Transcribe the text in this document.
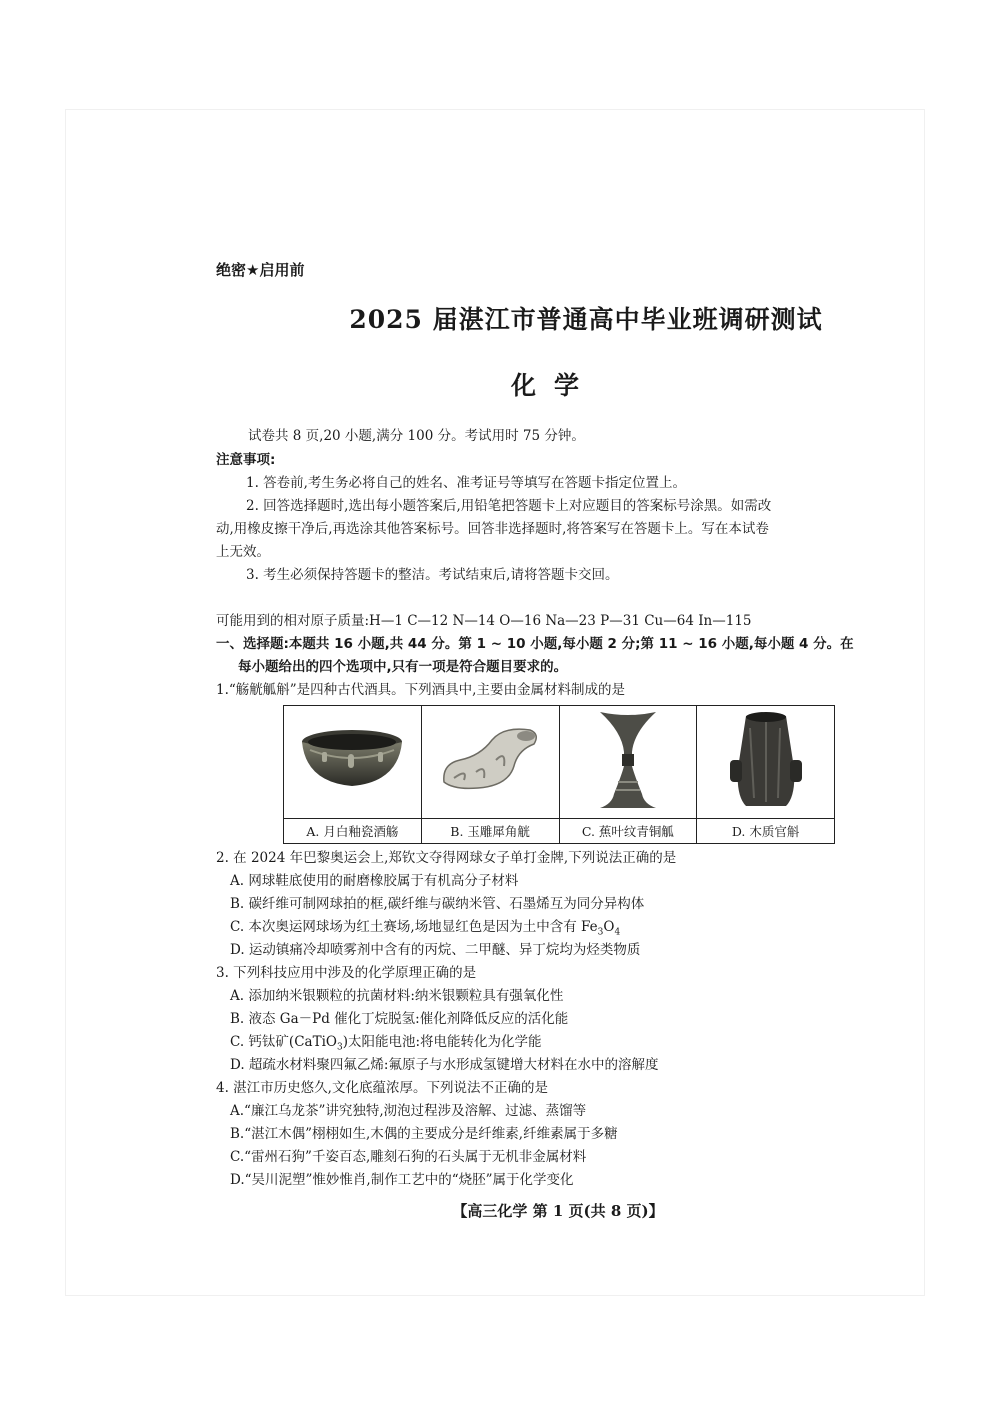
绝密★启用前
2025 届湛江市普通高中毕业班调研测试
化学
试卷共 8 页,20 小题,满分 100 分。考试用时 75 分钟。
注意事项:
1. 答卷前,考生务必将自己的姓名、准考证号等填写在答题卡指定位置上。
2. 回答选择题时,选出每小题答案后,用铅笔把答题卡上对应题目的答案标号涂黑。如需改
动,用橡皮擦干净后,再选涂其他答案标号。回答非选择题时,将答案写在答题卡上。写在本试卷
上无效。
3. 考生必须保持答题卡的整洁。考试结束后,请将答题卡交回。
可能用到的相对原子质量:H—1 C—12 N—14 O—16 Na—23 P—31 Cu—64 In—115
一、选择题:本题共 16 小题,共 44 分。第 1 ~ 10 小题,每小题 2 分;第 11 ~ 16 小题,每小题 4 分。在
每小题给出的四个选项中,只有一项是符合题目要求的。
1.“觞觥觚斛”是四种古代酒具。下列酒具中,主要由金属材料制成的是

A. 月白釉瓷酒觞	B. 玉雕犀角觥	C. 蕉叶纹青铜觚	D. 木质官斛
2. 在 2024 年巴黎奥运会上,郑钦文夺得网球女子单打金牌,下列说法正确的是
A. 网球鞋底使用的耐磨橡胶属于有机高分子材料
B. 碳纤维可制网球拍的框,碳纤维与碳纳米管、石墨烯互为同分异构体
C. 本次奥运网球场为红土赛场,场地显红色是因为土中含有 $Fe_3O_4$
D. 运动镇痛冷却喷雾剂中含有的丙烷、二甲醚、异丁烷均为烃类物质
3. 下列科技应用中涉及的化学原理正确的是
A. 添加纳米银颗粒的抗菌材料:纳米银颗粒具有强氧化性
B. 液态 Ga－Pd 催化丁烷脱氢:催化剂降低反应的活化能
C. 钙钛矿(CaTiO$_3$)太阳能电池:将电能转化为化学能
D. 超疏水材料聚四氟乙烯:氟原子与水形成氢键增大材料在水中的溶解度
4. 湛江市历史悠久,文化底蕴浓厚。下列说法不正确的是
A.“廉江乌龙茶”讲究独特,沏泡过程涉及溶解、过滤、蒸馏等
B.“湛江木偶”栩栩如生,木偶的主要成分是纤维素,纤维素属于多糖
C.“雷州石狗”千姿百态,雕刻石狗的石头属于无机非金属材料
D.“吴川泥塑”惟妙惟肖,制作工艺中的“烧胚”属于化学变化
【高三化学 第 1 页(共 8 页)】
